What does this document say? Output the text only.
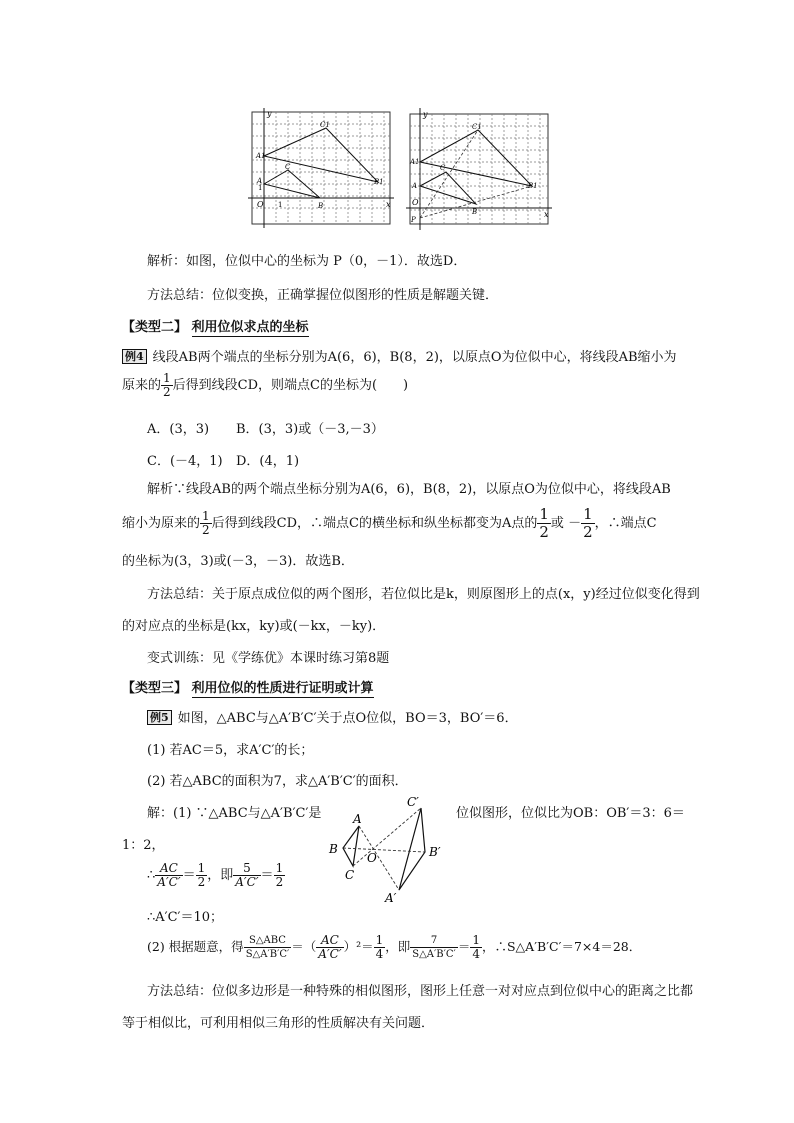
y
x
O 1
1
A
B
C
A1
B1
C1
y
x
O
P
A
B
C
A1
B1
C1
解析：如图，位似中心的坐标为 P（0，－1）．故选D．
方法总结：位似变换，正确掌握位似图形的性质是解题关键．
【类型二】 利用位似求点的坐标
例4 线段AB两个端点的坐标分别为A(6，6)，B(8，2)，以原点O为位似中心，将线段AB缩小为
原来的 $\frac{1}{2}$ 后得到线段CD，则端点C的坐标为(　　)
A．(3，3) B．(3，3)或（－3,－3）
C．(－4，1) D．(4，1)
解析∵线段AB的两个端点坐标分别为A(6，6)，B(8，2)，以原点O为位似中心，将线段AB
缩小为原来的 $\frac{1}{2}$ 后得到线段CD，∴端点C的横坐标和纵坐标都变为A点的 $\frac{1}{2}$ 或 － $\frac{1}{2}$ ，∴端点C
的坐标为(3，3)或(－3，－3)．故选B．
方法总结：关于原点成位似的两个图形，若位似比是k，则原图形上的点(x，y)经过位似变化得到
的对应点的坐标是(kx，ky)或(－kx，－ky)．
变式训练：见《学练优》本课时练习第8题
【类型三】 利用位似的性质进行证明或计算
例5 如图，△ABC与△A′B′C′关于点O位似，BO＝3，BO′＝6．
(1) 若AC＝5，求A′C′的长；
(2) 若△ABC的面积为7，求△A′B′C′的面积．
A
B
C
O
A′
B′
C′
解：(1) ∵△ABC与△A′B′C′是	位似图形，位似比为OB：OB′＝3：6＝
1：2，
∴ $\frac{AC}{A'C'} = \frac{1}{2}$ ，即 $\frac{5}{A'C'} = \frac{1}{2}$
∴A′C′＝10；
(2) 根据题意，得 $\frac{\text{S△ABC}}{S\triangle A'B'C'}$ ＝（ $\frac{AC}{A'C'} )^2= \frac{1}{4}$ ，即 $\frac{7}{S\triangle A'B'C'} = \frac{1}{4}$ ，∴S△A′B′C′＝7×4＝28．
方法总结：位似多边形是一种特殊的相似图形，图形上任意一对对应点到位似中心的距离之比都
等于相似比，可利用相似三角形的性质解决有关问题．
